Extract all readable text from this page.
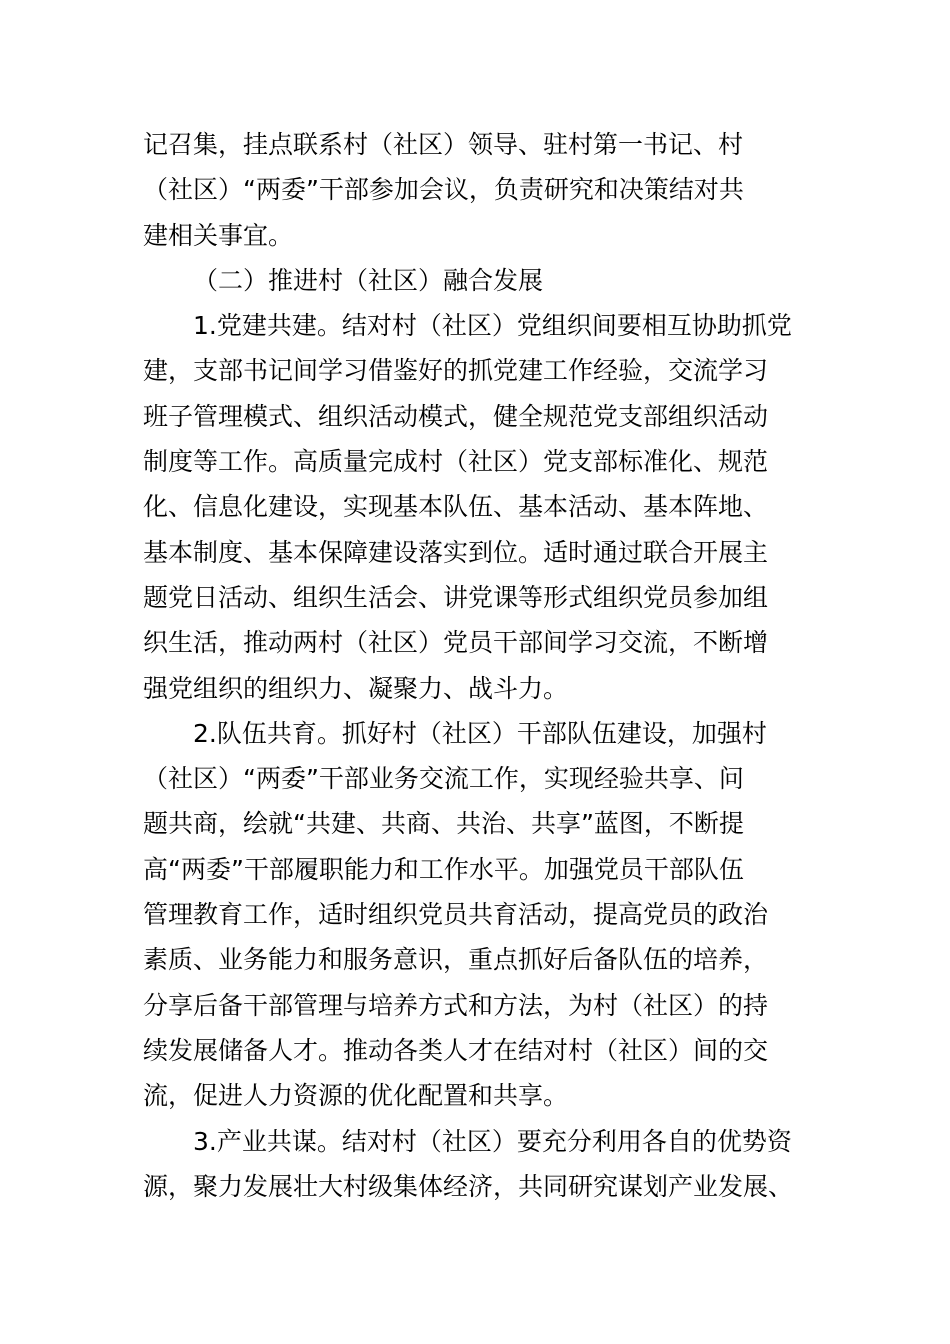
记召集，挂点联系村（社区）领导、驻村第一书记、村
（社区）“两委”干部参加会议，负责研究和决策结对共
建相关事宜。
（二）推进村（社区）融合发展
1.党建共建。结对村（社区）党组织间要相互协助抓党
建，支部书记间学习借鉴好的抓党建工作经验，交流学习
班子管理模式、组织活动模式，健全规范党支部组织活动
制度等工作。高质量完成村（社区）党支部标准化、规范
化、信息化建设，实现基本队伍、基本活动、基本阵地、
基本制度、基本保障建设落实到位。适时通过联合开展主
题党日活动、组织生活会、讲党课等形式组织党员参加组
织生活，推动两村（社区）党员干部间学习交流，不断增
强党组织的组织力、凝聚力、战斗力。
2.队伍共育。抓好村（社区）干部队伍建设，加强村
（社区）“两委”干部业务交流工作，实现经验共享、问
题共商，绘就“共建、共商、共治、共享”蓝图，不断提
高“两委”干部履职能力和工作水平。加强党员干部队伍
管理教育工作，适时组织党员共育活动，提高党员的政治
素质、业务能力和服务意识，重点抓好后备队伍的培养，
分享后备干部管理与培养方式和方法，为村（社区）的持
续发展储备人才。推动各类人才在结对村（社区）间的交
流，促进人力资源的优化配置和共享。
3.产业共谋。结对村（社区）要充分利用各自的优势资
源，聚力发展壮大村级集体经济，共同研究谋划产业发展、
